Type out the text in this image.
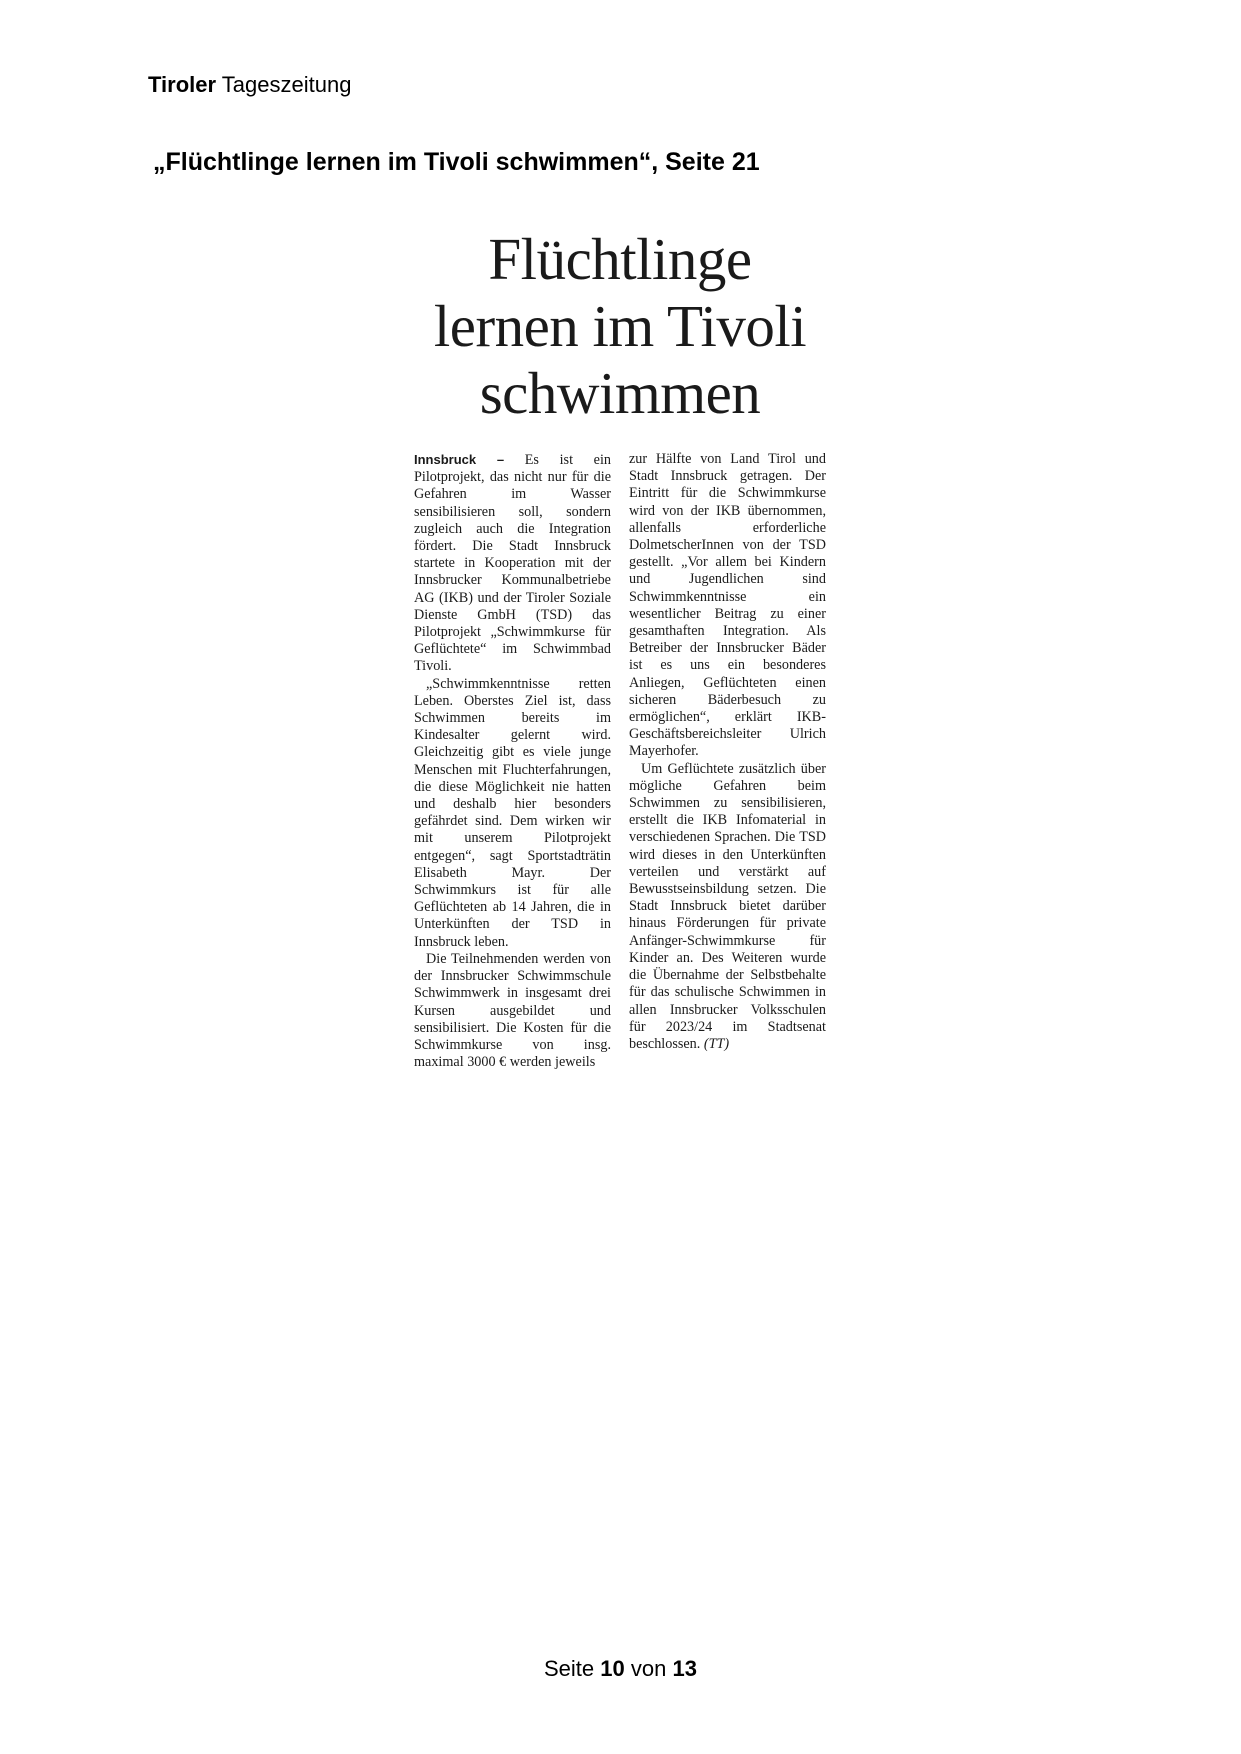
Tiroler Tageszeitung
„Flüchtlinge lernen im Tivoli schwimmen“, Seite 21
Flüchtlinge
lernen im Tivoli
schwimmen

Innsbruck – Es ist ein Pilotprojekt, das nicht nur für die Gefahren im Wasser sensibilisieren soll, sondern zugleich auch die Integration fördert. Die Stadt Innsbruck startete in Kooperation mit der Innsbrucker Kommunalbetriebe AG (IKB) und der Tiroler Soziale Dienste GmbH (TSD) das Pilotprojekt „Schwimmkurse für Geflüchtete“ im Schwimmbad Tivoli.

„Schwimmkenntnisse retten Leben. Oberstes Ziel ist, dass Schwimmen bereits im Kindesalter gelernt wird. Gleichzeitig gibt es viele junge Menschen mit Fluchterfahrungen, die diese Möglichkeit nie hatten und deshalb hier besonders gefährdet sind. Dem wirken wir mit unserem Pilotprojekt entgegen“, sagt Sportstadträtin Elisabeth Mayr. Der Schwimmkurs ist für alle Geflüchteten ab 14 Jahren, die in Unterkünften der TSD in Innsbruck leben.

Die Teilnehmenden werden von der Innsbrucker Schwimmschule Schwimmwerk in insgesamt drei Kursen ausgebildet und sensibilisiert. Die Kosten für die Schwimmkurse von insg. maximal 3000 € werden jeweils

zur Hälfte von Land Tirol und Stadt Innsbruck getragen. Der Eintritt für die Schwimmkurse wird von der IKB übernommen, allenfalls erforderliche DolmetscherInnen von der TSD gestellt. „Vor allem bei Kindern und Jugendlichen sind Schwimmkenntnisse ein wesentlicher Beitrag zu einer gesamthaften Integration. Als Betreiber der Innsbrucker Bäder ist es uns ein besonderes Anliegen, Geflüchteten einen sicheren Bäderbesuch zu ermöglichen“, erklärt IKB-Geschäftsbereichsleiter Ulrich Mayerhofer.

Um Geflüchtete zusätzlich über mögliche Gefahren beim Schwimmen zu sensibilisieren, erstellt die IKB Infomaterial in verschiedenen Sprachen. Die TSD wird dieses in den Unterkünften verteilen und verstärkt auf Bewusstseinsbildung setzen. Die Stadt Innsbruck bietet darüber hinaus Förderungen für private Anfänger-Schwimmkurse für Kinder an. Des Weiteren wurde die Übernahme der Selbstbehalte für das schulische Schwimmen in allen Innsbrucker Volksschulen für 2023/24 im Stadtsenat beschlossen. (TT)

Seite 10 von 13
